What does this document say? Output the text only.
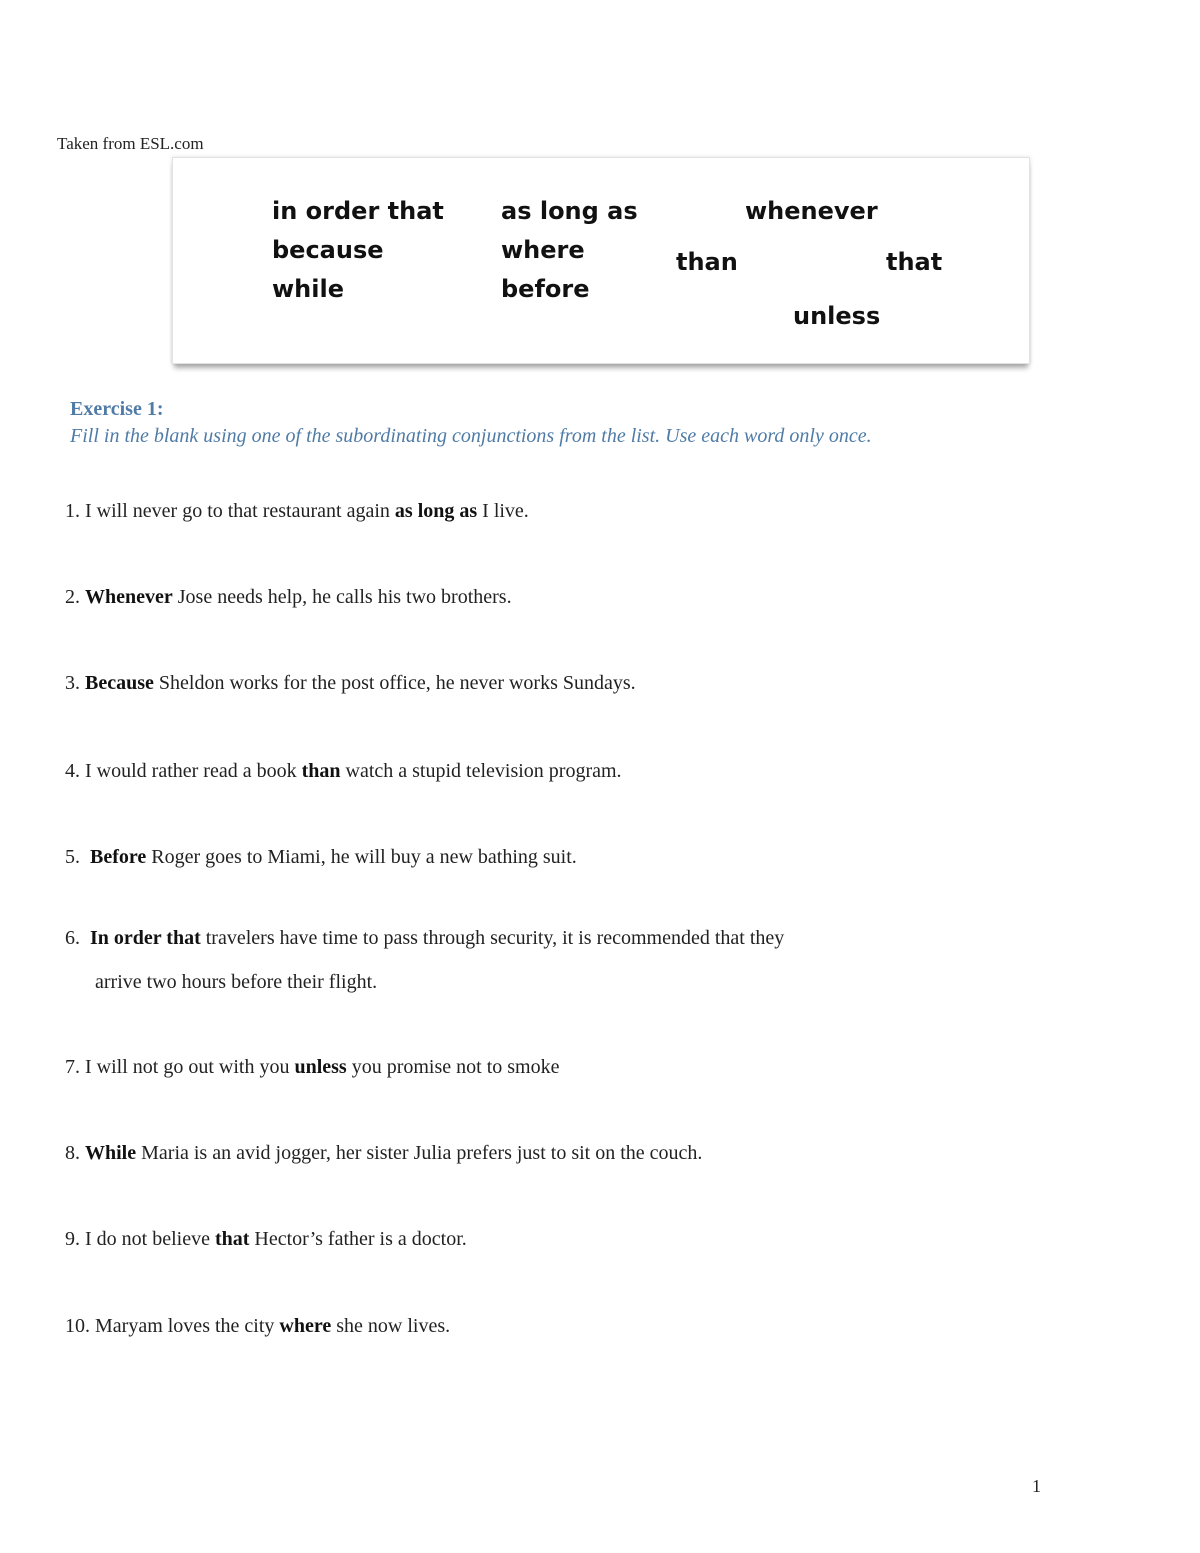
Taken from ESL.com
in order that
because
while
as long as
where
before
whenever
than	that
unless
Exercise 1:
Fill in the blank using one of the subordinating conjunctions from the list. Use each word only once.
1. I will never go to that restaurant again as long as I live.
2. Whenever Jose needs help, he calls his two brothers.
3. Because Sheldon works for the post office, he never works Sundays.
4. I would rather read a book than watch a stupid television program.
5. Before Roger goes to Miami, he will buy a new bathing suit.
6. In order that travelers have time to pass through security, it is recommended that they
arrive two hours before their flight.
7. I will not go out with you unless you promise not to smoke
8. While Maria is an avid jogger, her sister Julia prefers just to sit on the couch.
9. I do not believe that Hector’s father is a doctor.
10. Maryam loves the city where she now lives.
1
